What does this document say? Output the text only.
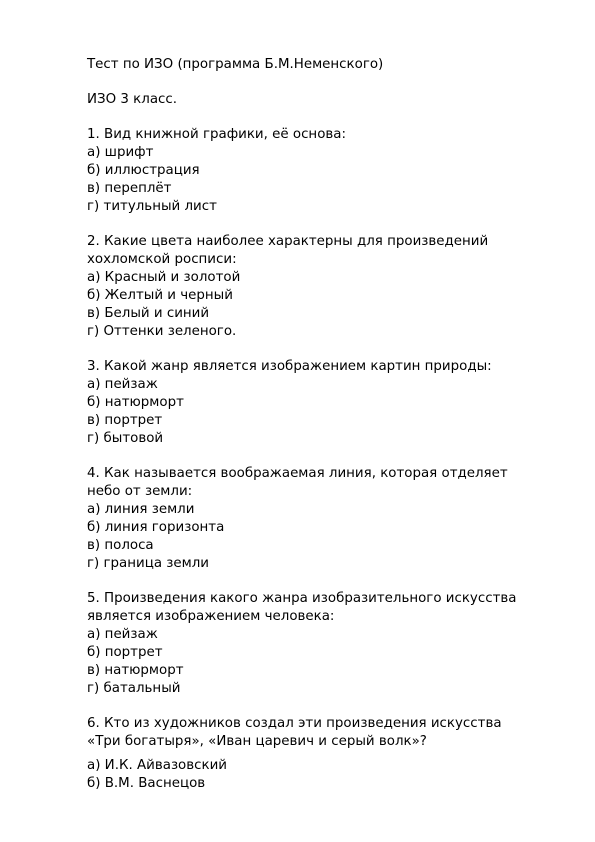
Тест по ИЗО (программа Б.М.Неменского)
ИЗО 3 класс.
1. Вид книжной графики, её основа:
а) шрифт
б) иллюстрация
в) переплёт
г) титульный лист
2. Какие цвета наиболее характерны для произведений
хохломской росписи:
а) Красный и золотой
б) Желтый и черный
в) Белый и синий
г) Оттенки зеленого.
3. Какой жанр является изображением картин природы:
а) пейзаж
б) натюрморт
в) портрет
г) бытовой
4. Как называется воображаемая линия, которая отделяет
небо от земли:
а) линия земли
б) линия горизонта
в) полоса
г) граница земли
5. Произведения какого жанра изобразительного искусства
является изображением человека:
а) пейзаж
б) портрет
в) натюрморт
г) батальный
6. Кто из художников создал эти произведения искусства
«Три богатыря», «Иван царевич и серый волк»?
а) И.К. Айвазовский
б) В.М. Васнецов
